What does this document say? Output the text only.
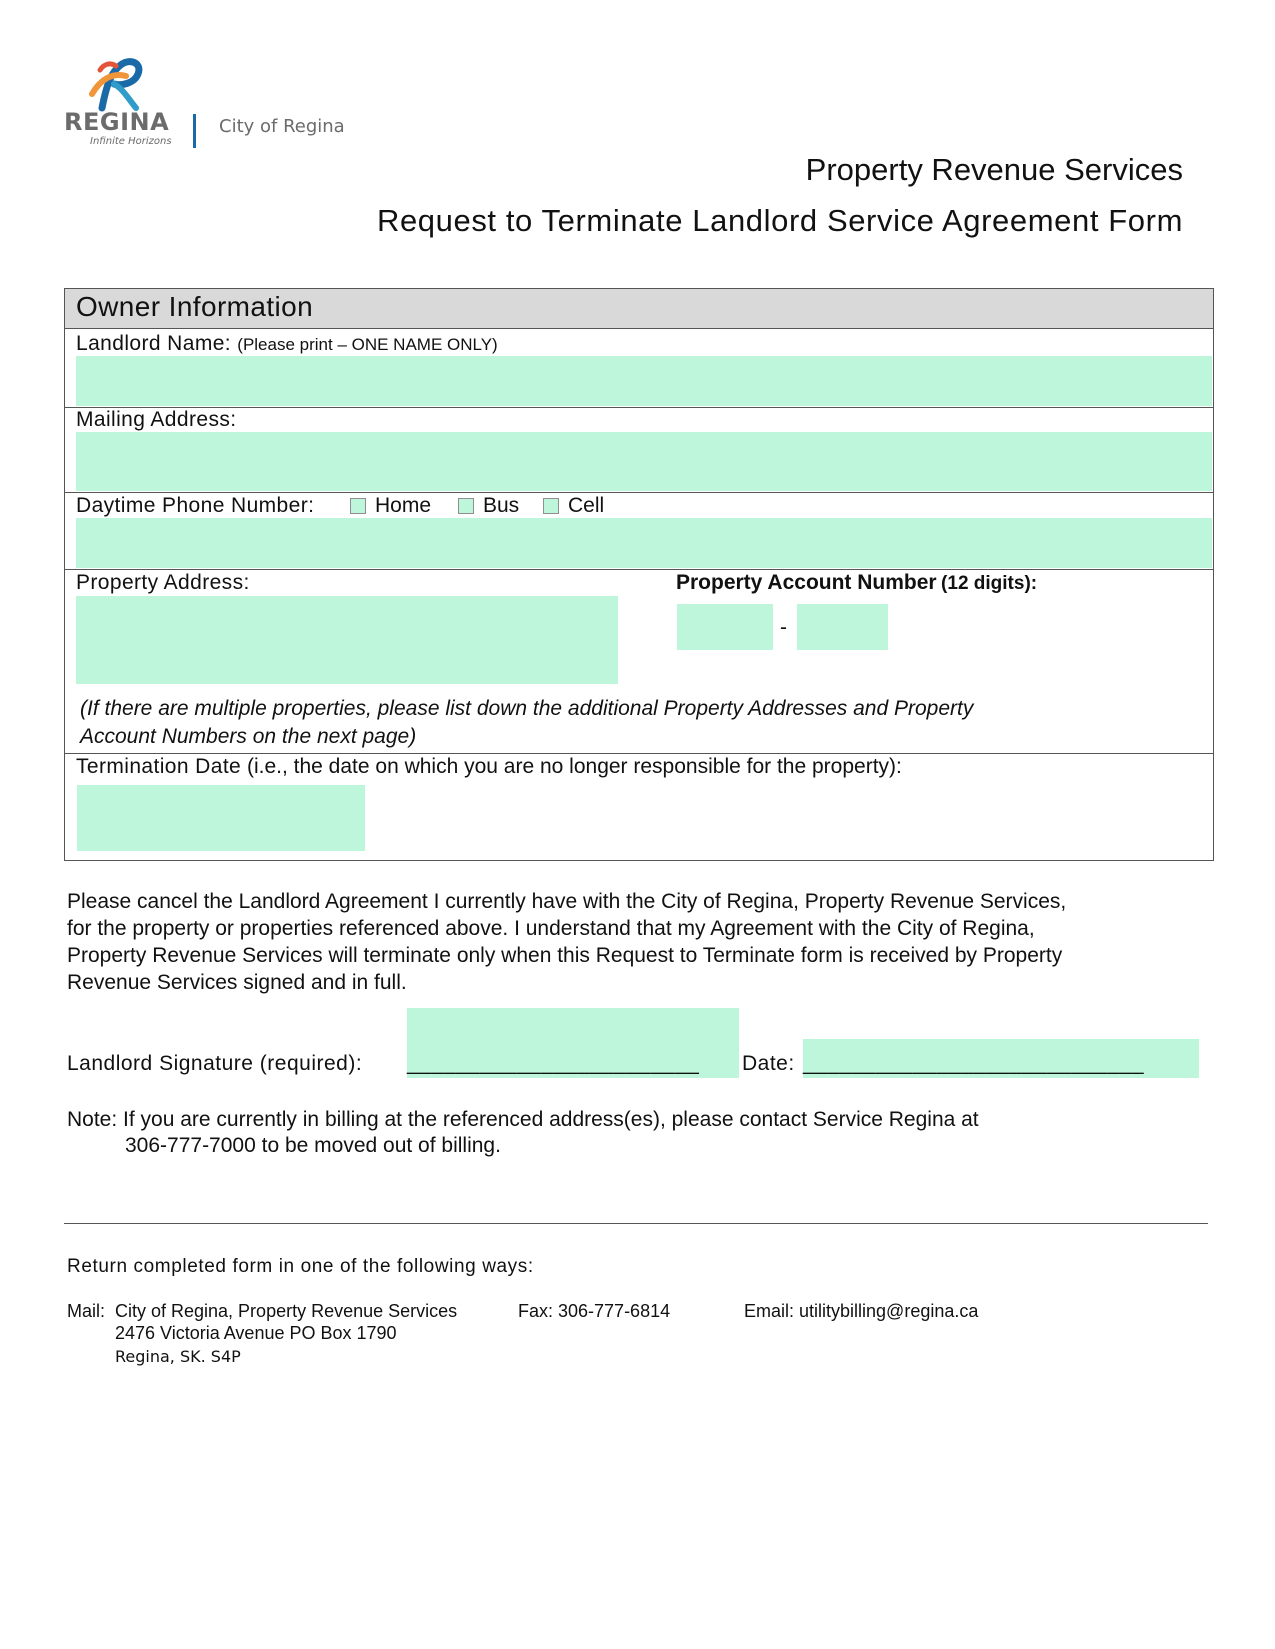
REGINA
Infinite Horizons
City of Regina
Property Revenue Services
Request to Terminate Landlord Service Agreement Form
Owner Information
Landlord Name: (Please print – ONE NAME ONLY)
Mailing Address:
Daytime Phone Number:	Home Bus Cell
Property Address:	Property Account Number (12 digits):
-
(If there are multiple properties, please list down the additional Property Addresses and Property
Account Numbers on the next page)
Termination Date (i.e., the date on which you are no longer responsible for the property):
Please cancel the Landlord Agreement I currently have with the City of Regina, Property Revenue Services,
for the property or properties referenced above. I understand that my Agreement with the City of Regina,
Property Revenue Services will terminate only when this Request to Terminate form is received by Property
Revenue Services signed and in full.
Landlord Signature (required): ________________________ Date: ____________________________
Note: If you are currently in billing at the referenced address(es), please contact Service Regina at
306-777-7000 to be moved out of billing.
Return completed form in one of the following ways:
Mail: City of Regina, Property Revenue Services
2476 Victoria Avenue PO Box 1790
Regina, SK. S4P
Fax: 306-777-6814	Email: utilitybilling@regina.ca
